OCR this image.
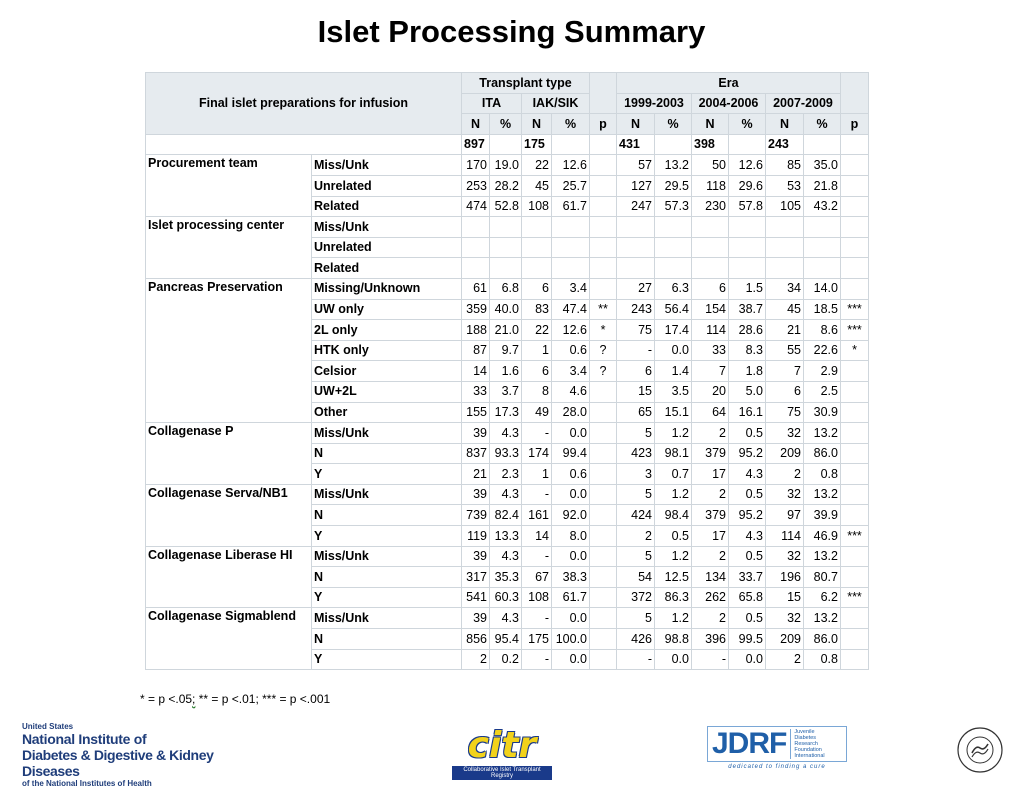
Islet Processing Summary
Final islet preparations for infusion		Transplant type					Era						
		ITA		IAK/SIK			1999-2003		2004-2006		2007-2009		
		N	%	N	%	p	N	%	N	%	N	%	p
		897		175			431		398		243		
Procurement team	Miss/Unk	170	19.0	22	12.6		57	13.2	50	12.6	85	35.0	
	Unrelated	253	28.2	45	25.7		127	29.5	118	29.6	53	21.8	
	Related	474	52.8	108	61.7		247	57.3	230	57.8	105	43.2	
Islet processing center	Miss/Unk												
	Unrelated												
	Related												
Pancreas Preservation	Missing/Unknown	61	6.8	6	3.4		27	6.3	6	1.5	34	14.0	
	UW only	359	40.0	83	47.4	**	243	56.4	154	38.7	45	18.5	***
	2L only	188	21.0	22	12.6	*	75	17.4	114	28.6	21	8.6	***
	HTK only	87	9.7	1	0.6	?	-	0.0	33	8.3	55	22.6	*
	Celsior	14	1.6	6	3.4	?	6	1.4	7	1.8	7	2.9	
	UW+2L	33	3.7	8	4.6		15	3.5	20	5.0	6	2.5	
	Other	155	17.3	49	28.0		65	15.1	64	16.1	75	30.9	
Collagenase P	Miss/Unk	39	4.3	-	0.0		5	1.2	2	0.5	32	13.2	
	N	837	93.3	174	99.4		423	98.1	379	95.2	209	86.0	
	Y	21	2.3	1	0.6		3	0.7	17	4.3	2	0.8	
Collagenase Serva/NB1	Miss/Unk	39	4.3	-	0.0		5	1.2	2	0.5	32	13.2	
	N	739	82.4	161	92.0		424	98.4	379	95.2	97	39.9	
	Y	119	13.3	14	8.0		2	0.5	17	4.3	114	46.9	***
Collagenase Liberase HI	Miss/Unk	39	4.3	-	0.0		5	1.2	2	0.5	32	13.2	
	N	317	35.3	67	38.3		54	12.5	134	33.7	196	80.7	
	Y	541	60.3	108	61.7		372	86.3	262	65.8	15	6.2	***
Collagenase Sigmablend	Miss/Unk	39	4.3	-	0.0		5	1.2	2	0.5	32	13.2	
	N	856	95.4	175	100.0		426	98.8	396	99.5	209	86.0	
	Y	2	0.2	-	0.0		-	0.0	-	0.0	2	0.8	
* = p <.05; ** = p <.01; *** = p <.001
United States
National Institute of
Diabetes & Digestive & Kidney Diseases
of the National Institutes of Health
citr
Collaborative Islet Transplant Registry
JDRF	Juvenile
Diabetes
Research
Foundation
International
dedicated to finding a cure
